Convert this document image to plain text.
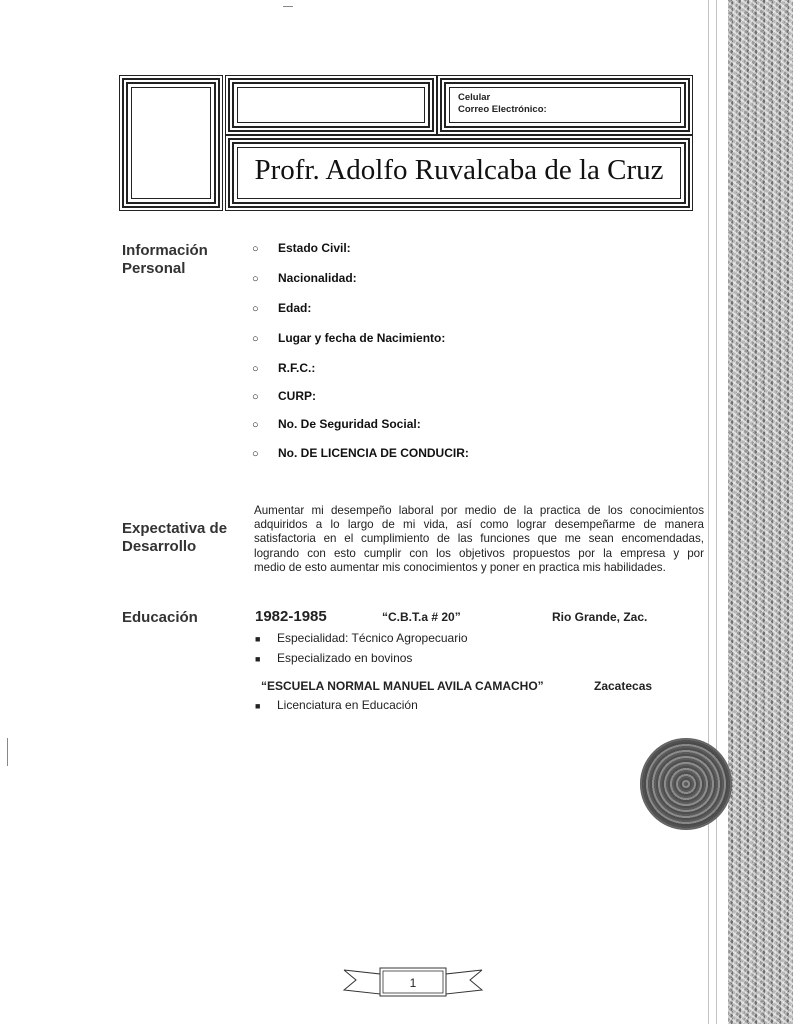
Celular
Correo Electrónico:
Profr. Adolfo Ruvalcaba de la Cruz
Información
Personal
○ Estado Civil:
○ Nacionalidad:
○ Edad:
○ Lugar y fecha de Nacimiento:
○ R.F.C.:
○ CURP:
○ No. De Seguridad Social:
○ No. DE LICENCIA DE CONDUCIR:
Expectativa de
Desarrollo
Aumentar mi desempeño laboral por medio de la practica de los conocimientos
adquiridos a lo largo de mi vida, así como lograr desempeñarme de manera
satisfactoria en el cumplimiento de las funciones que me sean encomendadas,
logrando con esto cumplir con los objetivos propuestos por la empresa y por
medio de esto aumentar mis conocimientos y poner en practica mis habilidades.
Educación	1982-1985	“C.B.T.a # 20”	Rio Grande, Zac.
■ Especialidad: Técnico Agropecuario
■ Especializado en bovinos
“ESCUELA NORMAL MANUEL AVILA CAMACHO”	Zacatecas
■ Licenciatura en Educación
1
